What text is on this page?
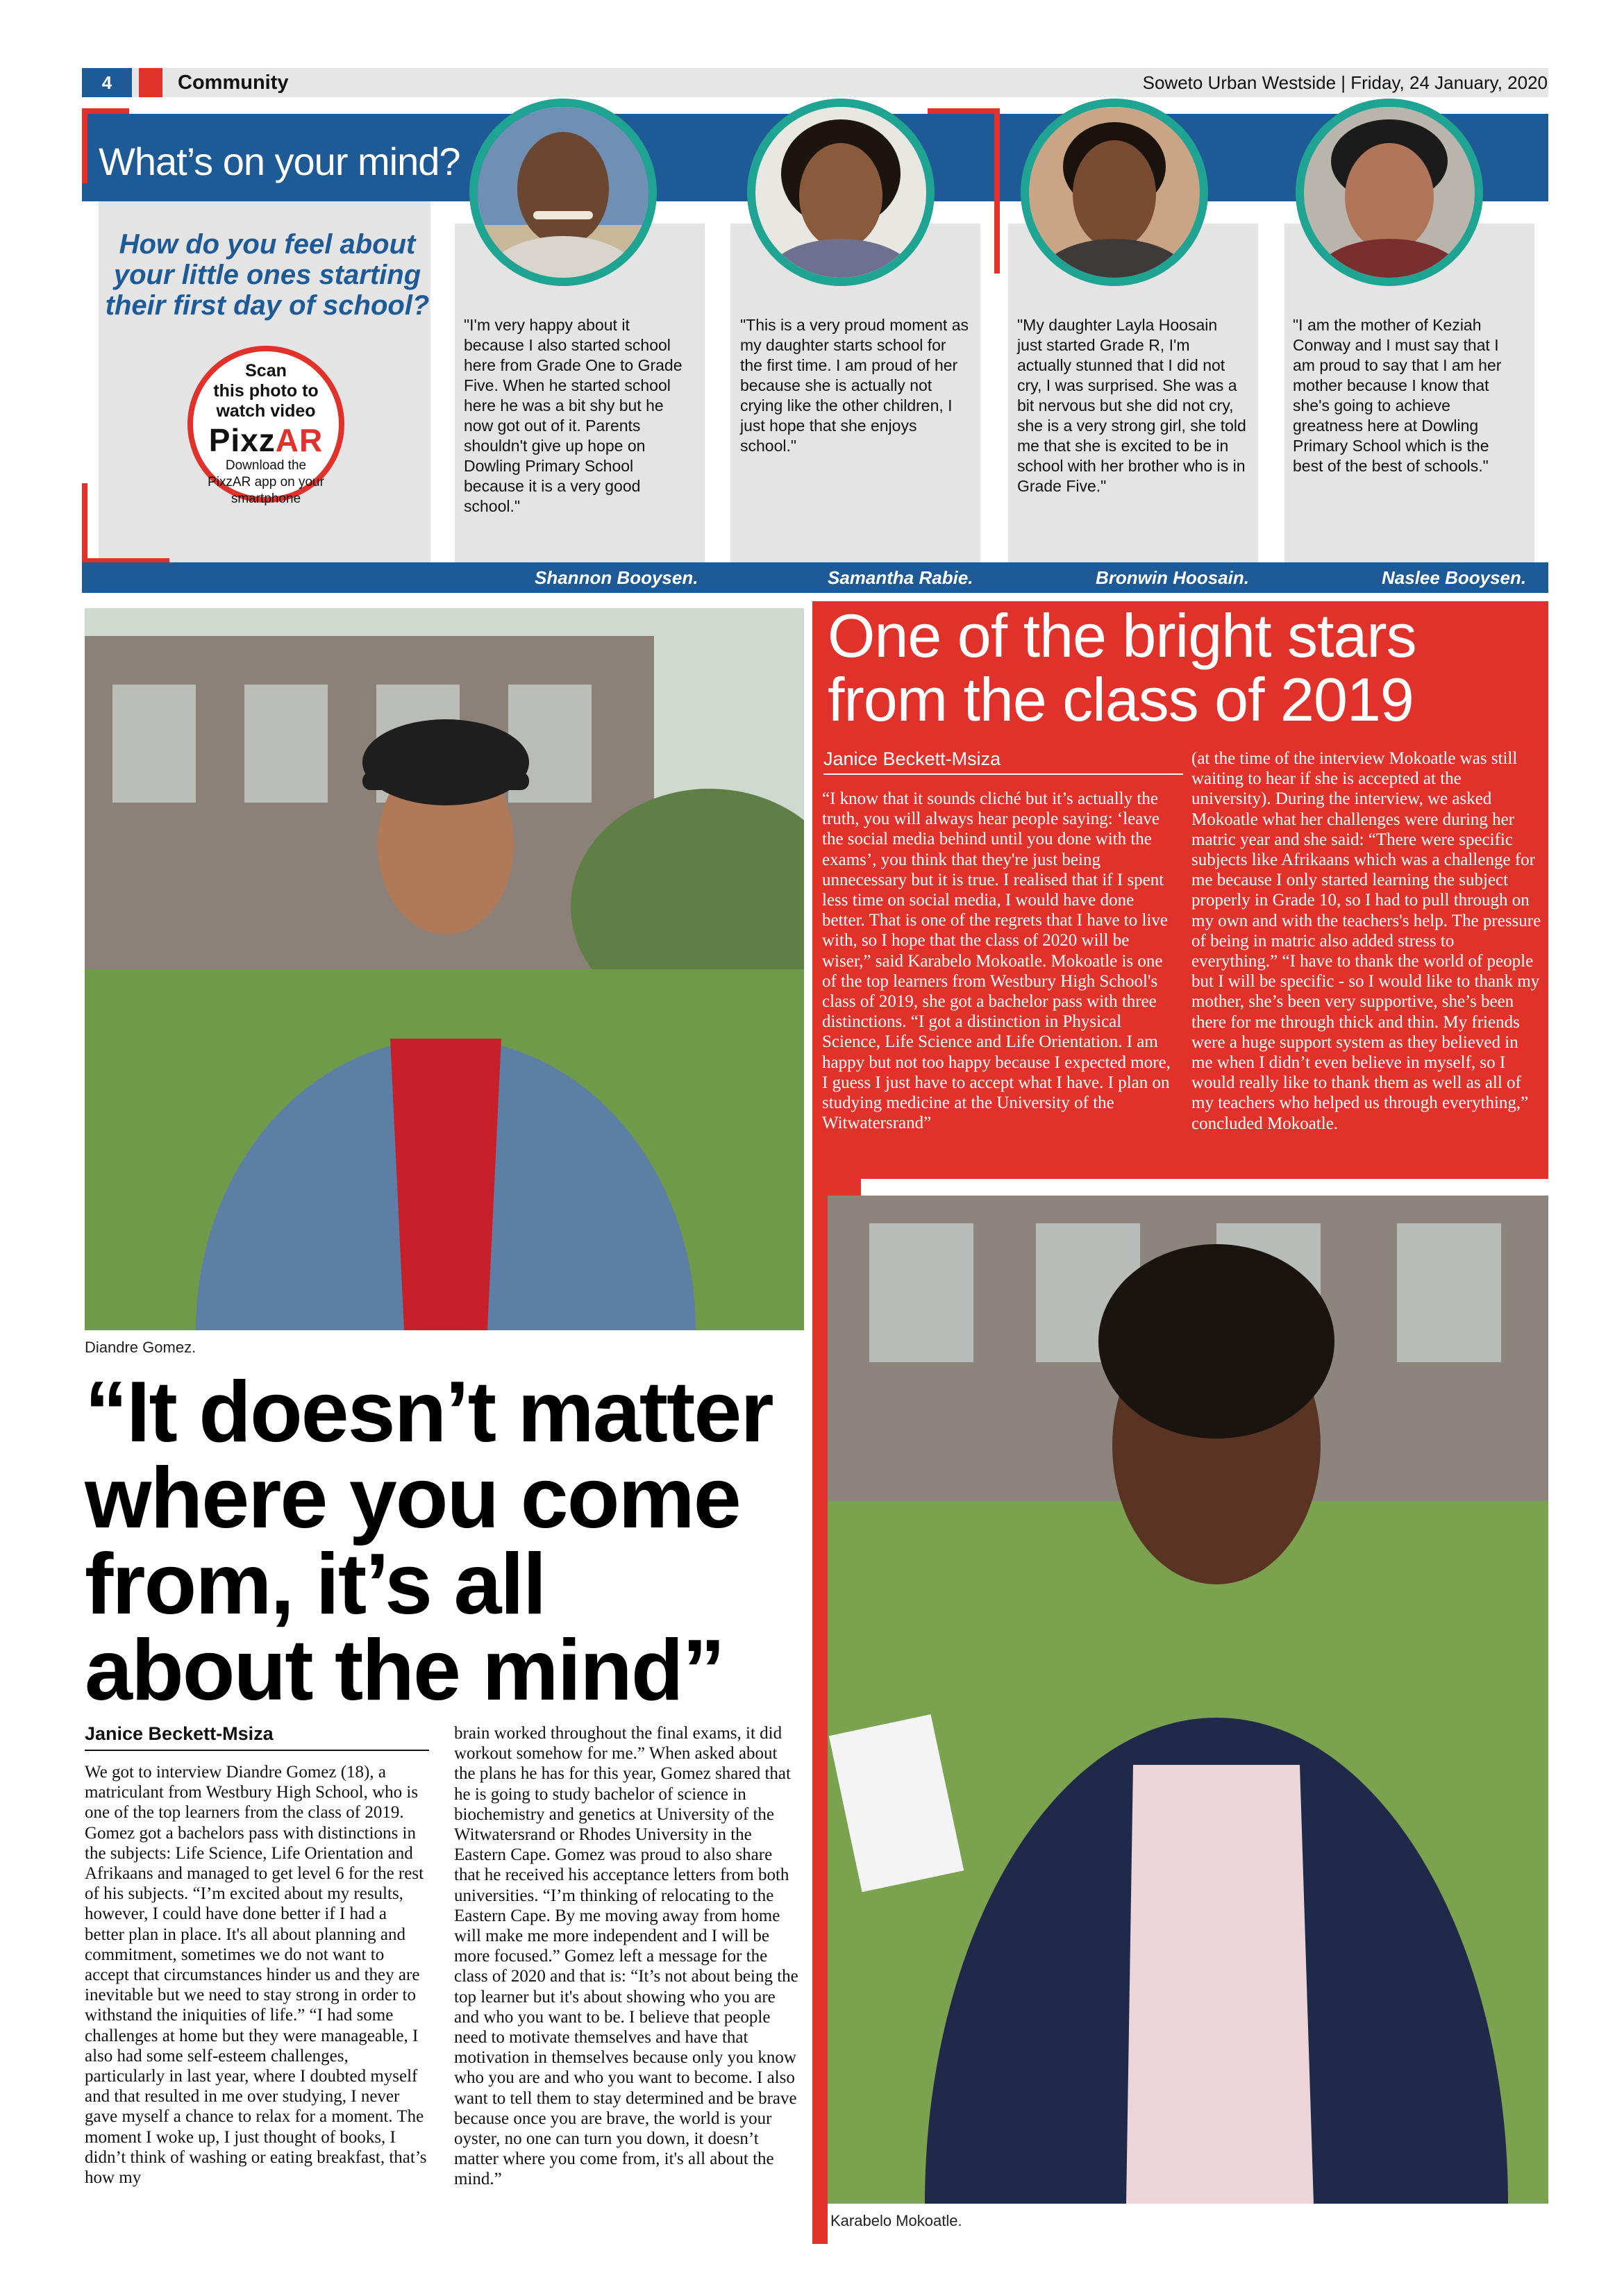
4	Community	Soweto Urban Westside | Friday, 24 January, 2020
What’s on your mind?
How do you feel about your little ones starting their first day of school?
Scan
this photo to
watch video
PixzAR
Download the
PixzAR app on your
smartphone
"I'm very happy about it because I also started school here from Grade One to Grade Five. When he started school here he was a bit shy but he now got out of it. Parents shouldn't give up hope on Dowling Primary School because it is a very good school."
"This is a very proud moment as my daughter starts school for the first time. I am proud of her because she is actually not crying like the other children, I just hope that she enjoys school."
"My daughter Layla Hoosain just started Grade R, I'm actually stunned that I did not cry, I was surprised. She was a bit nervous but she did not cry, she is a very strong girl, she told me that she is excited to be in school with her brother who is in Grade Five."
"I am the mother of Keziah Conway and I must say that I am proud to say that I am her mother because I know that she's going to achieve greatness here at Dowling Primary School which is the best of the best of schools."
Shannon Booysen.	Samantha Rabie.	Bronwin Hoosain.	Naslee Booysen.
Diandre Gomez.
One of the bright stars from the class of 2019
Janice Beckett-Msiza
“I know that it sounds cliché but it’s actually the truth, you will always hear people saying: ‘leave the social media behind until you done with the exams’, you think that they're just being unnecessary but it is true. I realised that if I spent less time on social media, I would have done better. That is one of the regrets that I have to live with, so I hope that the class of 2020 will be wiser,” said Karabelo Mokoatle. Mokoatle is one of the top learners from Westbury High School's class of 2019, she got a bachelor pass with three distinctions. “I got a distinction in Physical Science, Life Science and Life Orientation. I am happy but not too happy because I expected more, I guess I just have to accept what I have. I plan on studying medicine at the University of the Witwatersrand”
(at the time of the interview Mokoatle was still waiting to hear if she is accepted at the university). During the interview, we asked Mokoatle what her challenges were during her matric year and she said: “There were specific subjects like Afrikaans which was a challenge for me because I only started learning the subject properly in Grade 10, so I had to pull through on my own and with the teachers's help. The pressure of being in matric also added stress to everything.” “I have to thank the world of people but I will be specific - so I would like to thank my mother, she’s been very supportive, she’s been there for me through thick and thin. My friends were a huge support system as they believed in me when I didn’t even believe in myself, so I would really like to thank them as well as all of my teachers who helped us through everything,” concluded Mokoatle.
Karabelo Mokoatle.
“It doesn’t matter where you come from, it’s all about the mind”
Janice Beckett-Msiza
We got to interview Diandre Gomez (18), a matriculant from Westbury High School, who is one of the top learners from the class of 2019. Gomez got a bachelors pass with distinctions in the subjects: Life Science, Life Orientation and Afrikaans and managed to get level 6 for the rest of his subjects. “I’m excited about my results, however, I could have done better if I had a better plan in place. It's all about planning and commitment, sometimes we do not want to accept that circumstances hinder us and they are inevitable but we need to stay strong in order to withstand the iniquities of life.” “I had some challenges at home but they were manageable, I also had some self-esteem challenges, particularly in last year, where I doubted myself and that resulted in me over studying, I never gave myself a chance to relax for a moment. The moment I woke up, I just thought of books, I didn’t think of washing or eating breakfast, that’s how my
brain worked throughout the final exams, it did workout somehow for me.” When asked about the plans he has for this year, Gomez shared that he is going to study bachelor of science in biochemistry and genetics at University of the Witwatersrand or Rhodes University in the Eastern Cape. Gomez was proud to also share that he received his acceptance letters from both universities. “I’m thinking of relocating to the Eastern Cape. By me moving away from home will make me more independent and I will be more focused.” Gomez left a message for the class of 2020 and that is: “It’s not about being the top learner but it's about showing who you are and who you want to be. I believe that people need to motivate themselves and have that motivation in themselves because only you know who you are and who you want to become. I also want to tell them to stay determined and be brave because once you are brave, the world is your oyster, no one can turn you down, it doesn’t matter where you come from, it's all about the mind.”
